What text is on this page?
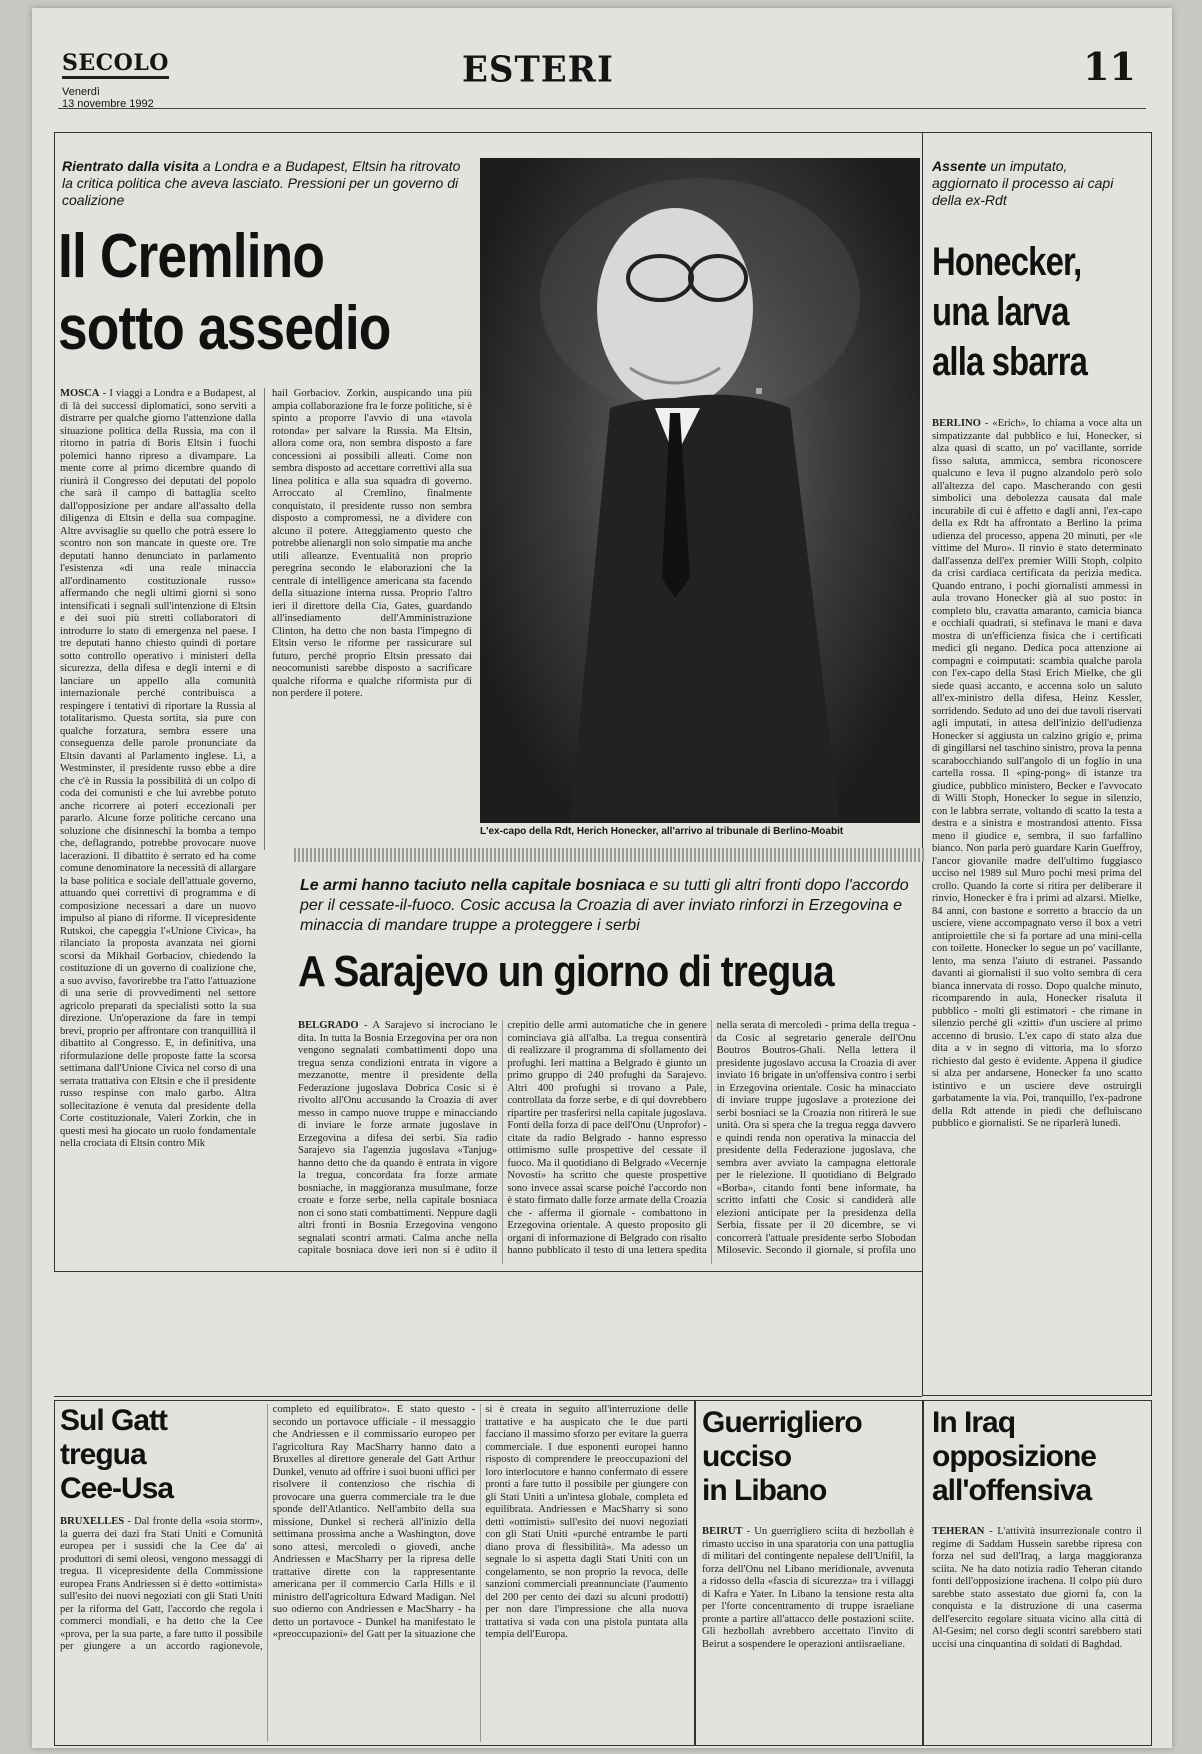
SECOLO
Venerdì
13 novembre 1992
ESTERI	11
Rientrato dalla visita a Londra e a Budapest, Eltsin ha ritrovato la critica politica che aveva lasciato. Pressioni per un governo di coalizione
Il Cremlino
sotto assedio

MOSCA - I viaggi a Londra e a Budapest, al di là dei successi diplomatici, sono serviti a distrarre per qualche giorno l'attenzione dalla situazione politica della Russia, ma con il ritorno in patria di Boris Eltsin i fuochi polemici hanno ripreso a divampare. La mente corre al primo dicembre quando di riunirà il Congresso dei deputati del popolo che sarà il campo di battaglia scelto dall'opposizione per andare all'assalto della diligenza di Eltsin e della sua compagine. Altre avvisaglie su quello che potrà essere lo scontro non son mancate in queste ore. Tre deputati hanno denunciato in parlamento l'esistenza «di una reale minaccia all'ordinamento costituzionale russo» affermando che negli ultimi giorni si sono intensificati i segnali sull'intenzione di Eltsin e dei suoi più stretti collaboratori di introdurre lo stato di emergenza nel paese. I tre deputati hanno chiesto quindi di portare sotto controllo operativo i ministeri della sicurezza, della difesa e degli interni e di lanciare un appello alla comunità internazionale perché contribuisca a respingere i tentativi di riportare la Russia al totalitarismo. Questa sortita, sia pure con qualche forzatura, sembra essere una conseguenza delle parole pronunciate da Eltsin davanti al Parlamento inglese. Lì, a Westminster, il presidente russo ebbe a dire che c'è in Russia la possibilità di un colpo di coda dei comunisti e che lui avrebbe potuto anche ricorrere ai poteri eccezionali per pararlo. Alcune forze politiche cercano una soluzione che disinneschi la bomba a tempo che, deflagrando, potrebbe provocare nuove lacerazioni. Il dibattito è serrato ed ha come comune denominatore la necessità di allargare la base politica e sociale dell'attuale governo, attuando quei correttivi di programma e di composizione necessari a dare un nuovo impulso al piano di riforme. Il vicepresidente Rutskoi, che capeggia l'«Unione Civica», ha rilanciato la proposta avanzata nei giorni scorsi da Mikhail Gorbaciov, chiedendo la costituzione di un governo di coalizione che, a suo avviso, favorirebbe tra l'atto l'attuazione di una serie di provvedimenti nel settore agricolo preparati da specialisti sotto la sua direzione. Un'operazione da fare in tempi brevi, proprio per affrontare con tranquillità il dibattito al Congresso. E, in definitiva, una riformulazione delle proposte fatte la scorsa settimana dall'Unione Civica nel corso di una serrata trattativa con Eltsin e che il presidente russo respinse con malo garbo. Altra sollecitazione è venuta dal presidente della Corte costituzionale, Valeri Zorkin, che in questi mesi ha giocato un ruolo fondamentale nella crociata di Eltsin contro Mik

hail Gorbaciov. Zorkin, auspicando una più ampia collaborazione fra le forze politiche, si è spinto a proporre l'avvio di una «tavola rotonda» per salvare la Russia. Ma Eltsin, allora come ora, non sembra disposto a fare concessioni ai possibili alleati. Come non sembra disposto ad accettare correttivi alla sua linea politica e alla sua squadra di governo. Arroccato al Cremlino, finalmente conquistato, il presidente russo non sembra disposto a compromessi, ne a dividere con alcuno il potere. Atteggiamento questo che potrebbe alienargli non solo simpatie ma anche utili alleanze. Eventualità non proprio peregrina secondo le elaborazioni che la centrale di intelligence americana sta facendo della situazione interna russa. Proprio l'altro ieri il direttore della Cia, Gates, guardando all'insediamento dell'Amministrazione Clinton, ha detto che non basta l'impegno di Eltsin verso le riforme per rassicurare sul futuro, perché proprio Eltsin pressato dai neocomunisti sarebbe disposto a sacrificare qualche riforma e qualche riformista pur di non perdere il potere.

L'ex-capo della Rdt, Herich Honecker, all'arrivo al tribunale di Berlino-Moabit
Assente un imputato, aggiornato il processo ai capi della ex-Rdt
Honecker,
una larva
alla sbarra

BERLINO - «Erich», lo chiama a voce alta un simpatizzante dal pubblico e lui, Honecker, si alza quasi di scatto, un po' vacillante, sorride fisso saluta, ammicca, sembra riconoscere qualcuno e leva il pugno alzandolo però solo all'altezza del capo. Mascherando con gesti simbolici una debolezza causata dal male incurabile di cui è affetto e dagli anni, l'ex-capo della ex Rdt ha affrontato a Berlino la prima udienza del processo, appena 20 minuti, per «le vittime del Muro». Il rinvio è stato determinato dall'assenza dell'ex premier Willi Stoph, colpito da crisi cardiaca certificata da perizia medica. Quando entrano, i pochi giornalisti ammessi in aula trovano Honecker già al suo posto: in completo blu, cravatta amaranto, camicia bianca e occhiali quadrati, si stefinava le mani e dava mostra di un'efficienza fisica che i certificati medici gli negano. Dedica poca attenzione ai compagni e coimputati: scambia qualche parola con l'ex-capo della Stasi Erich Mielke, che gli siede quasi accanto, e accenna solo un saluto all'ex-ministro della difesa, Heinz Kessler, sorridendo. Seduto ad uno dei due tavoli riservati agli imputati, in attesa dell'inizio dell'udienza Honecker si aggiusta un calzino grigio e, prima di gingillarsi nel taschino sinistro, prova la penna scarabocchiando sull'angolo di un foglio in una cartella rossa. Il «ping-pong» di istanze tra giudice, pubblico ministero, Becker e l'avvocato di Willi Stoph, Honecker lo segue in silenzio, con le labbra serrate, voltando di scatto la testa a destra e a sinistra e mostrandosi attento. Fissa meno il giudice e, sembra, il suo farfallino bianco. Non parla però guardare Karin Gueffroy, l'ancor giovanile madre dell'ultimo fuggiasco ucciso nel 1989 sul Muro pochi mesi prima del crollo. Quando la corte si ritira per deliberare il rinvio, Honecker è fra i primi ad alzarsi. Mielke, 84 anni, con bastone e sorretto a braccio da un usciere, viene accompagnato verso il box a vetri antiproiettile che si fa portare ad una mini-cella con toilette. Honecker lo segue un po' vacillante, lento, ma senza l'aiuto di estranei. Passando davanti ai giornalisti il suo volto sembra di cera bianca innervata di rosso. Dopo qualche minuto, ricomparendo in aula, Honecker risaluta il pubblico - molti gli estimatori - che rimane in silenzio perché gli «zitti» d'un usciere al primo accenno di brusìo. L'ex capo di stato alza due dita a v in segno di vittoria, ma lo sforzo richiesto dal gesto è evidente. Appena il giudice si alza per andarsene, Honecker fa uno scatto istintivo e un usciere deve ostruirgli garbatamente la via. Poi, tranquillo, l'ex-padrone della Rdt attende in piedi che defluiscano pubblico e giornalisti. Se ne riparlerà lunedì.

Le armi hanno taciuto nella capitale bosniaca e su tutti gli altri fronti dopo l'accordo per il cessate-il-fuoco. Cosic accusa la Croazia di aver inviato rinforzi in Erzegovina e minaccia di mandare truppe a proteggere i serbi
A Sarajevo un giorno di tregua

BELGRADO - A Sarajevo si incrociano le dita. In tutta la Bosnia Erzegovina per ora non vengono segnalati combattimenti dopo una tregua senza condizioni entrata in vigore a mezzanotte, mentre il presidente della Federazione jugoslava Dobrica Cosic si è rivolto all'Onu accusando la Croazia di aver messo in campo nuove truppe e minacciando di inviare le forze armate jugoslave in Erzegovina a difesa dei serbi. Sia radio Sarajevo sia l'agenzia jugoslava «Tanjug» hanno detto che da quando è entrata in vigore la tregua, concordata fra forze armate bosniache, in maggioranza musulmane, forze croate e forze serbe, nella capitale bosniaca non ci sono stati combattimenti. Neppure dagli altri fronti in Bosnia Erzegovina vengono segnalati scontri armati. Calma anche nella capitale bosniaca dove ieri non si è udito il crepitìo delle armi automatiche che in genere cominciava già all'alba. La tregua consentirà di realizzare il programma di sfollamento dei profughi. Ieri mattina a Belgrado è giunto un primo gruppo di 240 profughi da Sarajevo. Altri 400 profughi si trovano a Pale, controllata da forze serbe, e di qui dovrebbero ripartire per trasferirsi nella capitale jugoslava. Fonti della forza di pace dell'Onu (Unprofor) - citate da radio Belgrado - hanno espresso ottimismo sulle prospettive del cessate il fuoco. Ma il quotidiano di Belgrado «Vecernje Novosti» ha scritto che queste prospettive sono invece assai scarse poiché l'accordo non è stato firmato dalle forze armate della Croazia che - afferma il giornale - combattono in Erzegovina orientale. A questo proposito gli organi di informazione di Belgrado con risalto hanno pubblicato il testo di una lettera spedita nella serata di mercoledì - prima della tregua - da Cosic al segretario generale dell'Onu Boutros Boutros-Ghali. Nella lettera il presidente jugoslavo accusa la Croazia di aver inviato 16 brigate in un'offensiva contro i serbi in Erzegovina orientale. Cosic ha minacciato di inviare truppe jugoslave a protezione dei serbi bosniaci se la Croazia non ritirerà le sue unità. Ora si spera che la tregua regga davvero e quindi renda non operativa la minaccia del presidente della Federazione jugoslava, che sembra aver avviato la campagna elettorale per le rielezione. Il quotidiano di Belgrado «Borba», citando fonti bene informate, ha scritto infatti che Cosic si candiderà alle elezioni anticipate per la presidenza della Serbia, fissate per il 20 dicembre, se vi concorrerà l'attuale presidente serbo Slobodan Milosevic. Secondo il giornale, si profila uno

Sul Gatt
tregua
Cee-Usa

BRUXELLES - Dal fronte della «soia storm», la guerra dei dazi fra Stati Uniti e Comunità europea per i sussidi che la Cee da' ai produttori di semi oleosi, vengono messaggi di tregua. Il vicepresidente della Commissione europea Frans Andriessen si è detto «ottimista» sull'esito dei nuovi negoziati con gli Stati Uniti per la riforma del Gatt, l'accordo che regola i commerci mondiali, e ha detto che la Cee «prova, per la sua parte, a fare tutto il possibile per giungere a un accordo ragionevole, completo ed equilibrato». È stato questo - secondo un portavoce ufficiale - il messaggio che Andriessen e il commissario europeo per l'agricoltura Ray MacSharry hanno dato a Bruxelles al direttore generale del Gatt Arthur Dunkel, venuto ad offrire i suoi buoni uffici per risolvere il contenzioso che rischia di provocare una guerra commerciale tra le due sponde dell'Atlantico. Nell'ambito della sua missione, Dunkel si recherà all'inizio della settimana prossima anche a Washington, dove sono attesi, mercoledì o giovedì, anche Andriessen e MacSharry per la ripresa delle trattative dirette con la rappresentante americana per il commercio Carla Hills e il ministro dell'agricoltura Edward Madigan. Nel suo odierno con Andriessen e MacSharry - ha detto un portavoce - Dunkel ha manifestato le «preoccupazioni» del Gatt per la situazione che si è creata in seguito all'interruzione delle trattative e ha auspicato che le due parti facciano il massimo sforzo per evitare la guerra commerciale. I due esponenti europei hanno risposto di comprendere le preoccupazioni del loro interlocutore e hanno confermato di essere pronti a fare tutto il possibile per giungere con gli Stati Uniti a un'intesa globale, completa ed equilibrata. Andriessen e MacSharry si sono detti «ottimisti» sull'esito dei nuovi negoziati con gli Stati Uniti «purché entrambe le parti diano prova di flessibilità». Ma adesso un segnale lo si aspetta dagli Stati Uniti con un congelamento, se non proprio la revoca, delle sanzioni commerciali preannunciate (l'aumento del 200 per cento dei dazi su alcuni prodotti) per non dare l'impressione che alla nuova trattativa si vada con una pistola puntata alla tempia dell'Europa.

Guerrigliero
ucciso
in Libano

BEIRUT - Un guerrigliero sciita di hezbollah è rimasto ucciso in una sparatoria con una pattuglia di militari del contingente nepalese dell'Unifil, la forza dell'Onu nel Libano meridionale, avvenuta a ridosso della «fascia di sicurezza» tra i villaggi di Kafra e Yater. In Libano la tensione resta alta per l'forte concentramento di truppe israeliane pronte a partire all'attacco delle postazioni sciite. Gli hezbollah avrebbero accettato l'invito di Beirut a sospendere le operazioni antiisraeliane.

In Iraq
opposizione
all'offensiva

TEHERAN - L'attività insurrezionale contro il regime di Saddam Hussein sarebbe ripresa con forza nel sud dell'Iraq, a larga maggioranza sciita. Ne ha dato notizia radio Teheran citando fonti dell'opposizione irachena. Il colpo più duro sarebbe stato assestato due giorni fa, con la conquista e la distruzione di una caserma dell'esercito regolare situata vicino alla città di Al-Gesim; nel corso degli scontri sarebbero stati uccisi una cinquantina di soldati di Baghdad.
